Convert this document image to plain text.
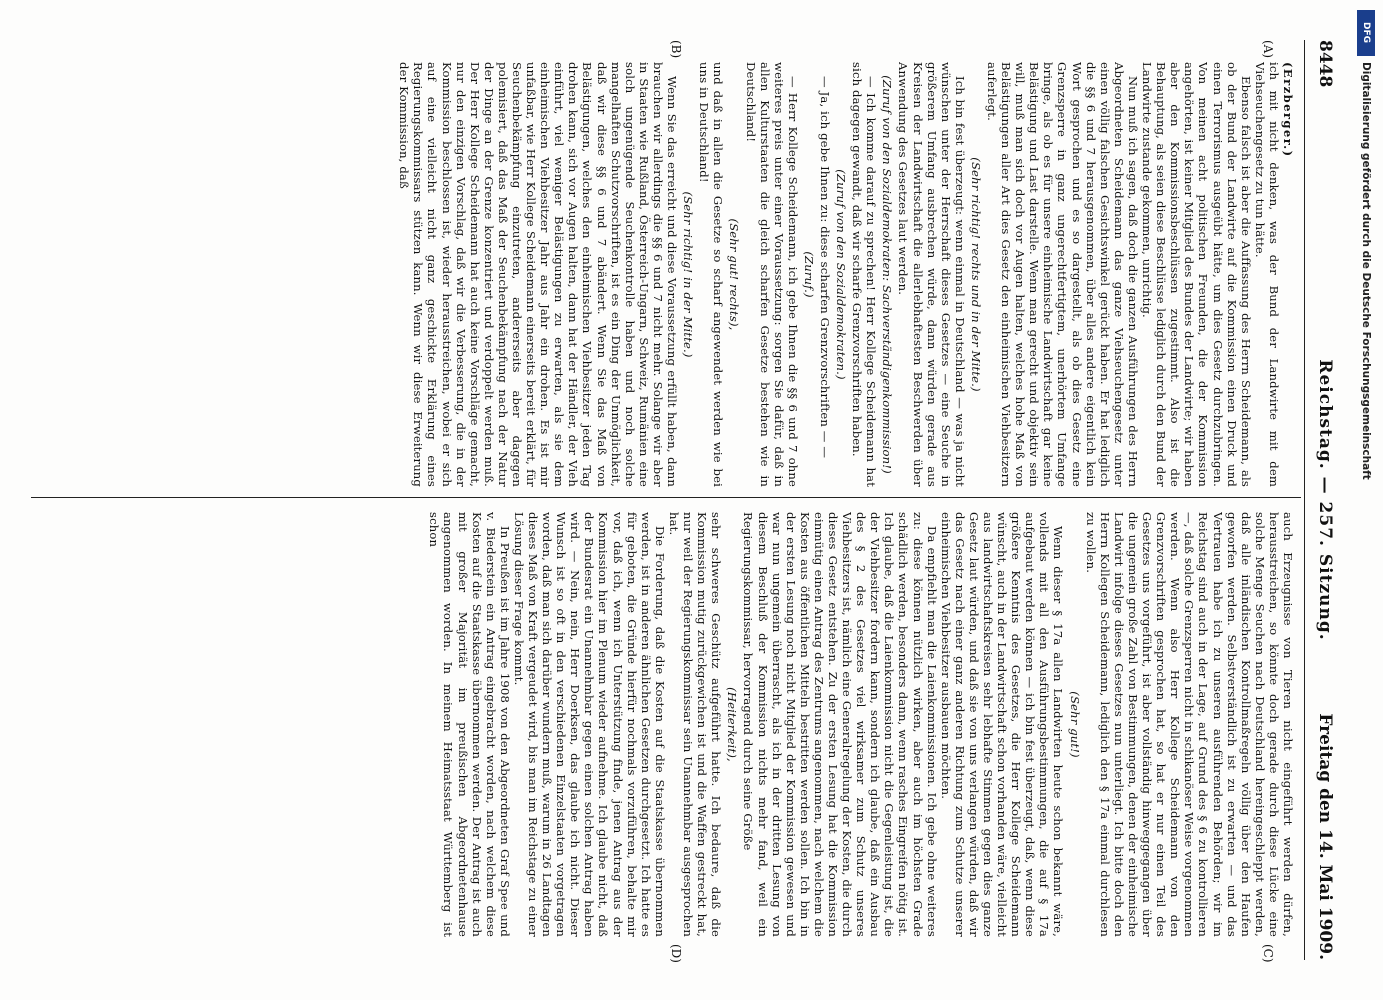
8448
Reichstag. — 257. Sitzung.
Freitag den 14. Mai 1909.
(A)
(B)
(C)
(D)

(Erzberger.)

ich mit nicht denken, was der Bund der Landwirte mit dem Viehseuchengesetz zu tun hätte.

Ebenso falsch ist aber die Auffassung des Herrn Scheidemann, als ob der Bund der Landwirte auf die Kommission einen Druck und einen Terrorismus ausgeübt hätte, um dies Gesetz durchzubringen. Von meinen acht politischen Freunden, die der Kommission angehörten, ist keiner Mitglied des Bundes der Landwirte; wir haben aber den Kommissionsbeschlüssen zugestimmt. Also ist die Behauptung, als seien diese Beschlüsse lediglich durch den Bund der Landwirte zustande gekommen, unrichtig.

Nun muß ich sagen, daß doch die ganzen Ausführungen des Herrn Abgeordneten Scheidemann das ganze Viehseuchengesetz unter einen völlig falschen Gesichtswinkel gerückt haben. Er hat lediglich die §§ 6 und 7 herausgenommen, über alles andere eigentlich kein Wort gesprochen und es so dargestellt, als ob dies Gesetz eine Grenzsperre in ganz ungerechtfertigtem, unerhörtem Umfange bringe, als ob es für unsere einheimische Landwirtschaft gar keine Belästigung und Last darstelle. Wenn man gerecht und objektiv sein will, muß man sich doch vor Augen halten, welches hohe Maß von Belästigungen aller Art dies Gesetz den einheimischen Viehbesitzern auferlegt.

(Sehr richtig! rechts und in der Mitte.)

Ich bin fest überzeugt: wenn einmal in Deutschland — was ja nicht wünschen unter der Herrschaft dieses Gesetzes — eine Seuche in größerem Umfang ausbrechen würde, dann würden gerade aus Kreisen der Landwirtschaft die allerlebhaftesten Beschwerden über Anwendung des Gesetzes laut werden.

(Zuruf von den Sozialdemokraten: Sachverständigenkommission!)

— Ich komme darauf zu sprechen! Herr Kollege Scheidemann hat sich dagegen gewandt, daß wir scharfe Grenzvorschriften haben.

(Zuruf von den Sozialdemokraten.)

— Ja, ich gebe Ihnen zu: diese scharfen Grenzvorschriften — —

(Zuruf.)

— Herr Kollege Scheidemann, ich gebe Ihnen die §§ 6 und 7 ohne weiteres preis unter einer Voraussetzung: sorgen Sie dafür, daß in allen Kulturstaaten die gleich scharfen Gesetze bestehen wie in Deutschland!

(Sehr gut! rechts),

und daß in allen die Gesetze so scharf angewendet werden wie bei uns in Deutschland!

(Sehr richtig! in der Mitte.)

Wenn Sie das erreicht und diese Voraussetzung erfüllt haben, dann brauchen wir allerdings die §§ 6 und 7 nicht mehr. Solange wir aber in Staaten wie Rußland, Österreich-Ungarn, Schweiz, Rumänien eine solch ungenügende Seuchenkontrolle haben und noch solche mangelhaften Schutzvorschriften, ist es ein Ding der Unmöglichkeit, daß wir diese §§ 6 und 7 abändert. Wenn Sie das Maß von Belästigungen, welches den einheimischen Viehbesitzer jeden Tag drohen kann, sich vor Augen halten, dann hat der Händler, der Vieh einführt, viel weniger Belästigungen zu erwarten, als sie dem einheimischen Viehbesitzer Jahr aus Jahr ein drohen. Es ist mir unfaßbar, wie Herr Kollege Scheidemann einerseits bereit erklärt, für Seuchenbekämpfung einzutreten, andererseits aber dagegen polemisiert, daß das Maß der Seuchenbekämpfung nach der Natur der Dinge an der Grenze konzentriert und verdoppelt werden muß. Der Herr Kollege Scheidemann hat auch keine Vorschläge gemacht, nur den einzigen Vorschlag, daß wir die Verbesserung, die in der Kommission beschlossen ist, wieder herausstreichen, wobei er sich auf eine vielleicht nicht ganz geschickte Erklärung eines Regierungskommissars stützen kann. Wenn wir diese Erweiterung der Kommission, daß

auch Erzeugnisse von Tieren nicht eingeführt werden dürfen, herausstreichen, so könnte doch gerade durch diese Lücke eine solche Menge Seuchen nach Deutschland hereingeschleppt werden, daß alle inländischen Kontrollmaßregeln völlig über den Haufen geworfen werden. Selbstverständlich ist zu erwarten — und das Vertrauen habe ich zu unseren ausführenden Behörden; wir im Reichstag sind auch in der Lage, auf Grund des § 6 zu kontrollieren —, daß solche Grenzsperren nicht in schikanöser Weise vorgenommen werden. Wenn also Herr Kollege Scheidemann von den Grenzvorschriften gesprochen hat, so hat er nur einen Teil des Gesetzes uns vorgeführt, ist aber vollständig hinweggegangen über die ungemein große Zahl von Bestimmungen, denen der einheimische Landwirt infolge dieses Gesetzes nun unterliegt. Ich bitte doch den Herrn Kollegen Scheidemann, lediglich den § 17a einmal durchlesen zu wollen.

(Sehr gut!)

Wenn dieser § 17a allen Landwirten heute schon bekannt wäre, vollends mit all den Ausführungsbestimmungen, die auf § 17a aufgebaut werden können — ich bin fest überzeugt, daß, wenn diese größere Kenntnis des Gesetzes, die Herr Kollege Scheidemann wünscht, auch in der Landwirtschaft schon vorhanden wäre, vielleicht aus landwirtschaftskreisen sehr lebhafte Stimmen gegen dies ganze Gesetz laut würden, und daß sie von uns verlangen würden, daß wir das Gesetz nach einer ganz anderen Richtung zum Schutze unserer einheimischen Viehbesitzer ausbauen möchten.

Da empfiehlt man die Laienkommissionen. Ich gebe ohne weiteres zu: diese können nützlich wirken, aber auch im höchsten Grade schädlich werden, besonders dann, wenn rasches Eingreifen nötig ist. Ich glaube, daß die Laienkommission nicht die Gegenleistung ist, die der Viehbesitzer fordern kann, sondern ich glaube, daß ein Ausbau des § 2 des Gesetzes viel wirksamer zum Schutz unseres Viehbesitzers ist, nämlich eine Generalregelung der Kosten, die durch dieses Gesetz entstehen. Zu der ersten Lesung hat die Kommission einmütig einen Antrag des Zentrums angenommen, nach welchem die Kosten aus öffentlichen Mitteln bestritten werden sollen. Ich bin in der ersten Lesung noch nicht Mitglied der Kommission gewesen und war nun ungemein überrascht, als ich in der dritten Lesung von diesem Beschluß der Kommission nichts mehr fand, weil ein Regierungskommissar, hervorragend durch seine Größe

(Heiterkeit),

sehr schweres Geschütz aufgeführt hatte. Ich bedaure, daß die Kommission mutig zurückgewichen ist und die Waffen gestreckt hat, nur weil der Regierungskommissar sein Unannehmbar ausgesprochen hat.

Die Forderung, daß die Kosten auf die Staatskasse übernommen werden, ist in anderen ähnlichen Gesetzen durchgesetzt. Ich hatte es für geboten, die Gründe hierfür nochmals vorzuführen, behalte mir vor, daß ich, wenn ich Unterstützung finde, jenen Antrag aus der Kommission hier im Plenum wieder aufnehme. Ich glaube nicht, daß der Bundesrat ein Unannehmbar gegen einen solchen Antrag haben wird. — Nein, nein, Herr Doerksen, das glaube ich nicht. Dieser Wunsch ist so oft in den verschiedenen Einzelstaaten vorgetragen worden, daß man sich darüber wundern muß, warum in 26 Landtagen dieses Maß von Kraft vergeudet wird, bis man im Reichstage zu einer Lösung dieser Frage kommt.

In Preußen ist im Jahre 1908 von den Abgeordneten Graf Spee und v. Biederstein ein Antrag eingebracht worden, nach welchem diese Kosten auf die Staatskasse übernommen werden. Der Antrag ist auch mit großer Majorität im preußischen Abgeordnetenhause angenommen worden. In meinem Heimatsstaat Württemberg ist schon

DFG
Digitalisierung gefördert durch die Deutsche Forschungsgemeinschaft
